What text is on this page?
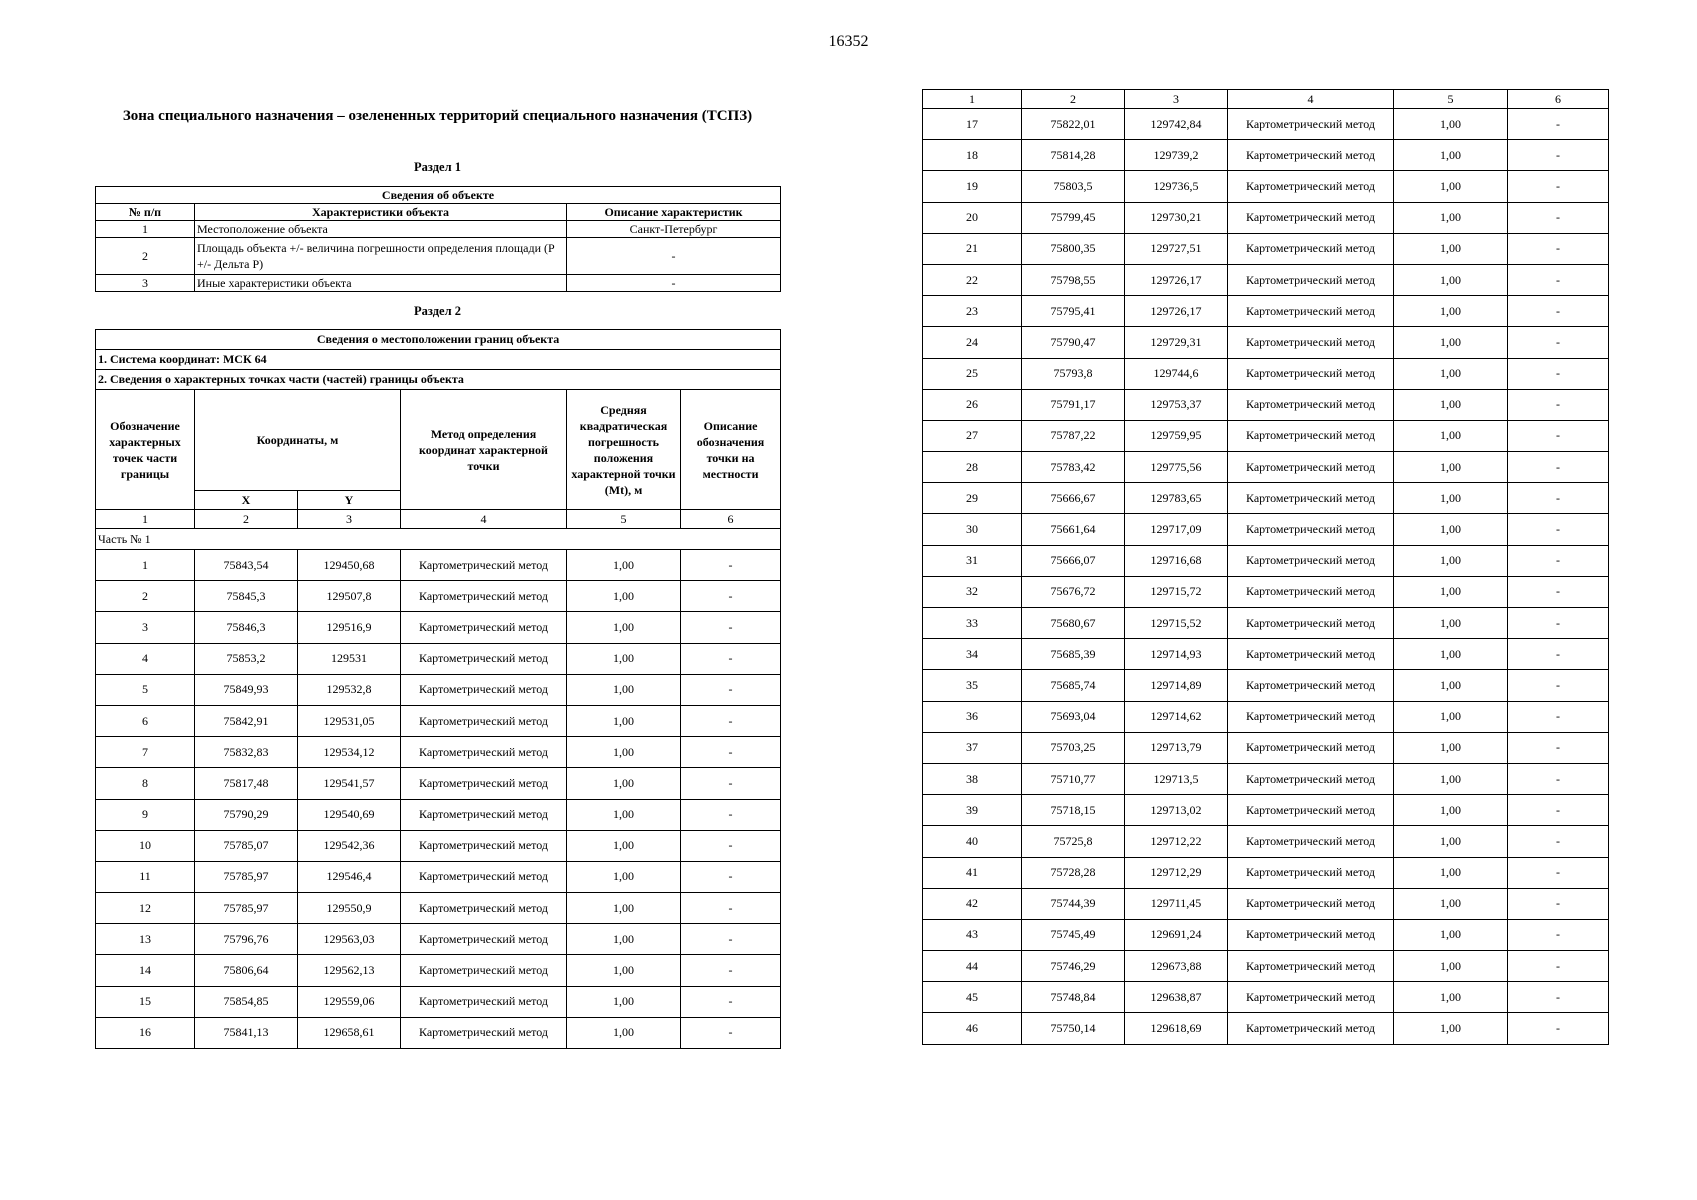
16352
Зона специального назначения – озелененных территорий специального назначения (ТСПЗ)
Раздел 1
Сведения об объекте		
№ п/п	Характеристики объекта	Описание характеристик
1	Местоположение объекта	Санкт-Петербург
2	Площадь объекта +/- величина погрешности определения площади (P +/- Дельта P)	-
3	Иные характеристики объекта	-
Раздел 2
Сведения о местоположении границ объекта					
1. Система координат: МСК 64					
2. Сведения о характерных точках части (частей) границы объекта					
Обозначение характерных точек части границы	Координаты, м		Метод определения координат характерной точки	Средняя квадратическая погрешность положения характерной точки (Mt), м	Описание обозначения точки на местности
	X	Y			
1	2	3	4	5	6
Часть № 1					
1	75843,54	129450,68	Картометрический метод	1,00	-
2	75845,3	129507,8	Картометрический метод	1,00	-
3	75846,3	129516,9	Картометрический метод	1,00	-
4	75853,2	129531	Картометрический метод	1,00	-
5	75849,93	129532,8	Картометрический метод	1,00	-
6	75842,91	129531,05	Картометрический метод	1,00	-
7	75832,83	129534,12	Картометрический метод	1,00	-
8	75817,48	129541,57	Картометрический метод	1,00	-
9	75790,29	129540,69	Картометрический метод	1,00	-
10	75785,07	129542,36	Картометрический метод	1,00	-
11	75785,97	129546,4	Картометрический метод	1,00	-
12	75785,97	129550,9	Картометрический метод	1,00	-
13	75796,76	129563,03	Картометрический метод	1,00	-
14	75806,64	129562,13	Картометрический метод	1,00	-
15	75854,85	129559,06	Картометрический метод	1,00	-
16	75841,13	129658,61	Картометрический метод	1,00	-
1	2	3	4	5	6
17	75822,01	129742,84	Картометрический метод	1,00	-
18	75814,28	129739,2	Картометрический метод	1,00	-
19	75803,5	129736,5	Картометрический метод	1,00	-
20	75799,45	129730,21	Картометрический метод	1,00	-
21	75800,35	129727,51	Картометрический метод	1,00	-
22	75798,55	129726,17	Картометрический метод	1,00	-
23	75795,41	129726,17	Картометрический метод	1,00	-
24	75790,47	129729,31	Картометрический метод	1,00	-
25	75793,8	129744,6	Картометрический метод	1,00	-
26	75791,17	129753,37	Картометрический метод	1,00	-
27	75787,22	129759,95	Картометрический метод	1,00	-
28	75783,42	129775,56	Картометрический метод	1,00	-
29	75666,67	129783,65	Картометрический метод	1,00	-
30	75661,64	129717,09	Картометрический метод	1,00	-
31	75666,07	129716,68	Картометрический метод	1,00	-
32	75676,72	129715,72	Картометрический метод	1,00	-
33	75680,67	129715,52	Картометрический метод	1,00	-
34	75685,39	129714,93	Картометрический метод	1,00	-
35	75685,74	129714,89	Картометрический метод	1,00	-
36	75693,04	129714,62	Картометрический метод	1,00	-
37	75703,25	129713,79	Картометрический метод	1,00	-
38	75710,77	129713,5	Картометрический метод	1,00	-
39	75718,15	129713,02	Картометрический метод	1,00	-
40	75725,8	129712,22	Картометрический метод	1,00	-
41	75728,28	129712,29	Картометрический метод	1,00	-
42	75744,39	129711,45	Картометрический метод	1,00	-
43	75745,49	129691,24	Картометрический метод	1,00	-
44	75746,29	129673,88	Картометрический метод	1,00	-
45	75748,84	129638,87	Картометрический метод	1,00	-
46	75750,14	129618,69	Картометрический метод	1,00	-
